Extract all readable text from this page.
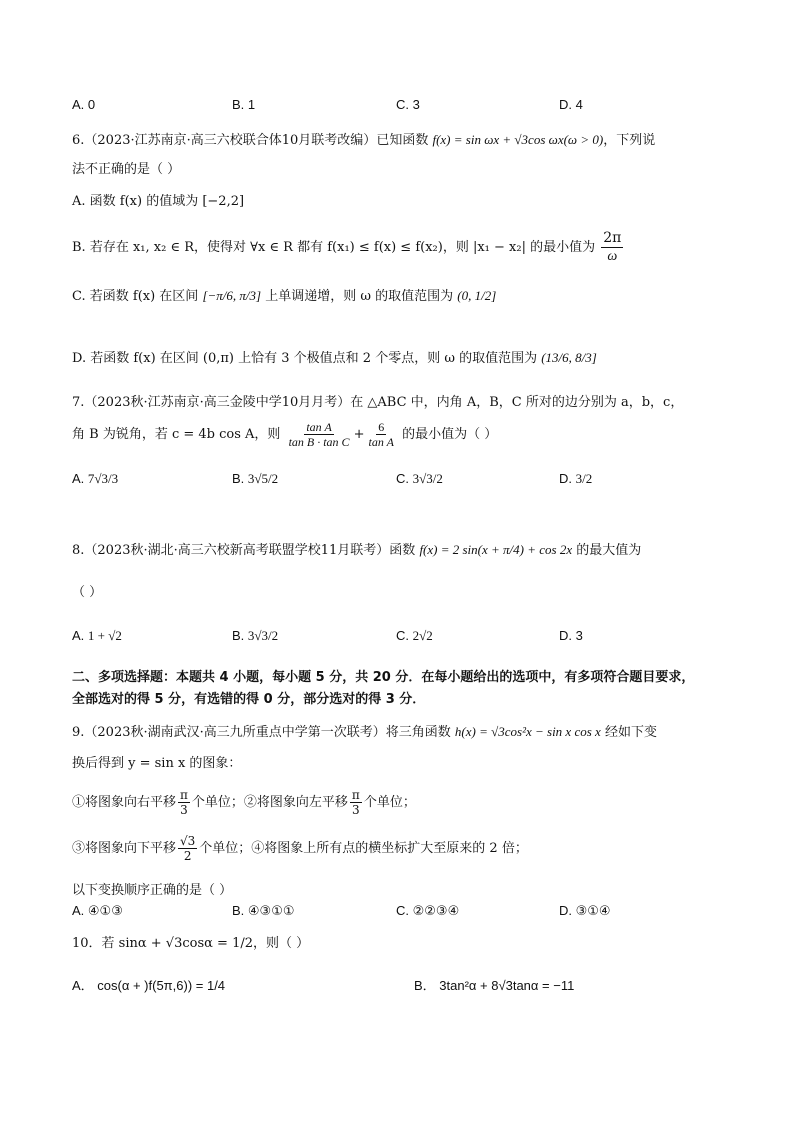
A. 0	B. 1	C. 3	D. 4
6.（2023·江苏南京·高三六校联合体10月联考改编）已知函数 f(x) = sin ωx + √3cos ωx(ω > 0)，下列说
法不正确的是（ ）
A. 函数 f(x) 的值域为 [−2,2]
B. 若存在 x₁, x₂ ∈ R，使得对 ∀x ∈ R 都有 f(x₁) ≤ f(x) ≤ f(x₂)，则 |x₁ − x₂| 的最小值为 $\frac{2\pi}{\omega}$
C. 若函数 f(x) 在区间 [−π/6, π/3] 上单调递增，则 ω 的取值范围为 (0, 1/2]
D. 若函数 f(x) 在区间 (0,π) 上恰有 3 个极值点和 2 个零点，则 ω 的取值范围为 (13/6, 8/3]
7.（2023秋·江苏南京·高三金陵中学10月月考）在 △ABC 中，内角 A，B，C 所对的边分别为 a，b，c，
角 B 为锐角，若 c = 4b cos A，则 $\frac{\text{tan A}}{\text{tan B · tan C}} + \frac{6}{\text{tan A}}$ 的最小值为（ ）
A. 7√3/3	B. 3√5/2	C. 3√3/2	D. 3/2
8.（2023秋·湖北·高三六校新高考联盟学校11月联考）函数 f(x) = 2 sin(x + π/4) + cos 2x 的最大值为
（ ）
A. 1 + √2	B. 3√3/2	C. 2√2	D. 3
二、多项选择题：本题共 4 小题，每小题 5 分，共 20 分．在每小题给出的选项中，有多项符合题目要求，
全部选对的得 5 分，有选错的得 0 分，部分选对的得 3 分．
9.（2023秋·湖南武汉·高三九所重点中学第一次联考）将三角函数 h(x) = √3cos²x − sin x cos x 经如下变
换后得到 y = sin x 的图象：
①将图象向右平移 $\frac{\pi}{3}$ 个单位；②将图象向左平移 $\frac{\pi}{3}$ 个单位；
③将图象向下平移 $\frac{√3}{2}$ 个单位；④将图象上所有点的横坐标扩大至原来的 2 倍；
以下变换顺序正确的是（ ）
A. ④①③	B. ④③①①	C. ②②③④	D. ③①④
10．若 sinα + √3cosα = 1/2，则（ ）
A． cos(α + )f(5π,6)) = 1/4	B． 3tan²α + 8√3tanα = −11
